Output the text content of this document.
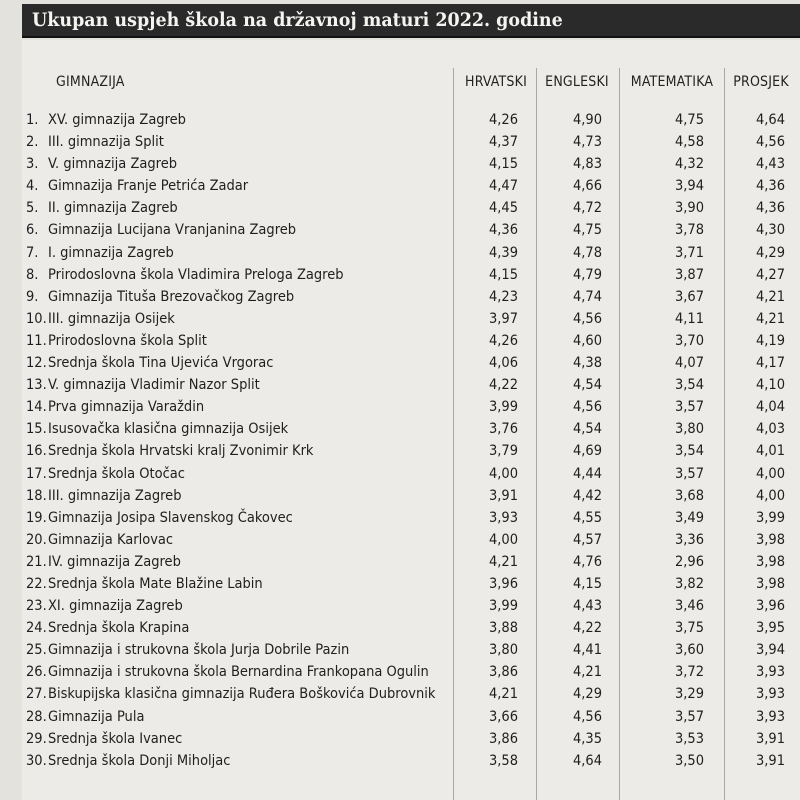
Ukupan uspjeh škola na državnoj maturi 2022. godine
GIMNAZIJA	HRVATSKI	ENGLESKI	MATEMATIKA	PROSJEK
1. XV. gimnazija Zagreb	4,26	4,90	4,75	4,64
2. III. gimnazija Split	4,37	4,73	4,58	4,56
3. V. gimnazija Zagreb	4,15	4,83	4,32	4,43
4. Gimnazija Franje Petrića Zadar	4,47	4,66	3,94	4,36
5. II. gimnazija Zagreb	4,45	4,72	3,90	4,36
6. Gimnazija Lucijana Vranjanina Zagreb	4,36	4,75	3,78	4,30
7. I. gimnazija Zagreb	4,39	4,78	3,71	4,29
8. Prirodoslovna škola Vladimira Preloga Zagreb	4,15	4,79	3,87	4,27
9. Gimnazija Tituša Brezovačkog Zagreb	4,23	4,74	3,67	4,21
10. III. gimnazija Osijek	3,97	4,56	4,11	4,21
11. Prirodoslovna škola Split	4,26	4,60	3,70	4,19
12. Srednja škola Tina Ujevića Vrgorac	4,06	4,38	4,07	4,17
13. V. gimnazija Vladimir Nazor Split	4,22	4,54	3,54	4,10
14. Prva gimnazija Varaždin	3,99	4,56	3,57	4,04
15. Isusovačka klasična gimnazija Osijek	3,76	4,54	3,80	4,03
16. Srednja škola Hrvatski kralj Zvonimir Krk	3,79	4,69	3,54	4,01
17. Srednja škola Otočac	4,00	4,44	3,57	4,00
18. III. gimnazija Zagreb	3,91	4,42	3,68	4,00
19. Gimnazija Josipa Slavenskog Čakovec	3,93	4,55	3,49	3,99
20. Gimnazija Karlovac	4,00	4,57	3,36	3,98
21. IV. gimnazija Zagreb	4,21	4,76	2,96	3,98
22. Srednja škola Mate Blažine Labin	3,96	4,15	3,82	3,98
23. XI. gimnazija Zagreb	3,99	4,43	3,46	3,96
24. Srednja škola Krapina	3,88	4,22	3,75	3,95
25. Gimnazija i strukovna škola Jurja Dobrile Pazin	3,80	4,41	3,60	3,94
26. Gimnazija i strukovna škola Bernardina Frankopana Ogulin	3,86	4,21	3,72	3,93
27. Biskupijska klasična gimnazija Ruđera Boškovića Dubrovnik	4,21	4,29	3,29	3,93
28. Gimnazija Pula	3,66	4,56	3,57	3,93
29. Srednja škola Ivanec	3,86	4,35	3,53	3,91
30. Srednja škola Donji Miholjac	3,58	4,64	3,50	3,91
